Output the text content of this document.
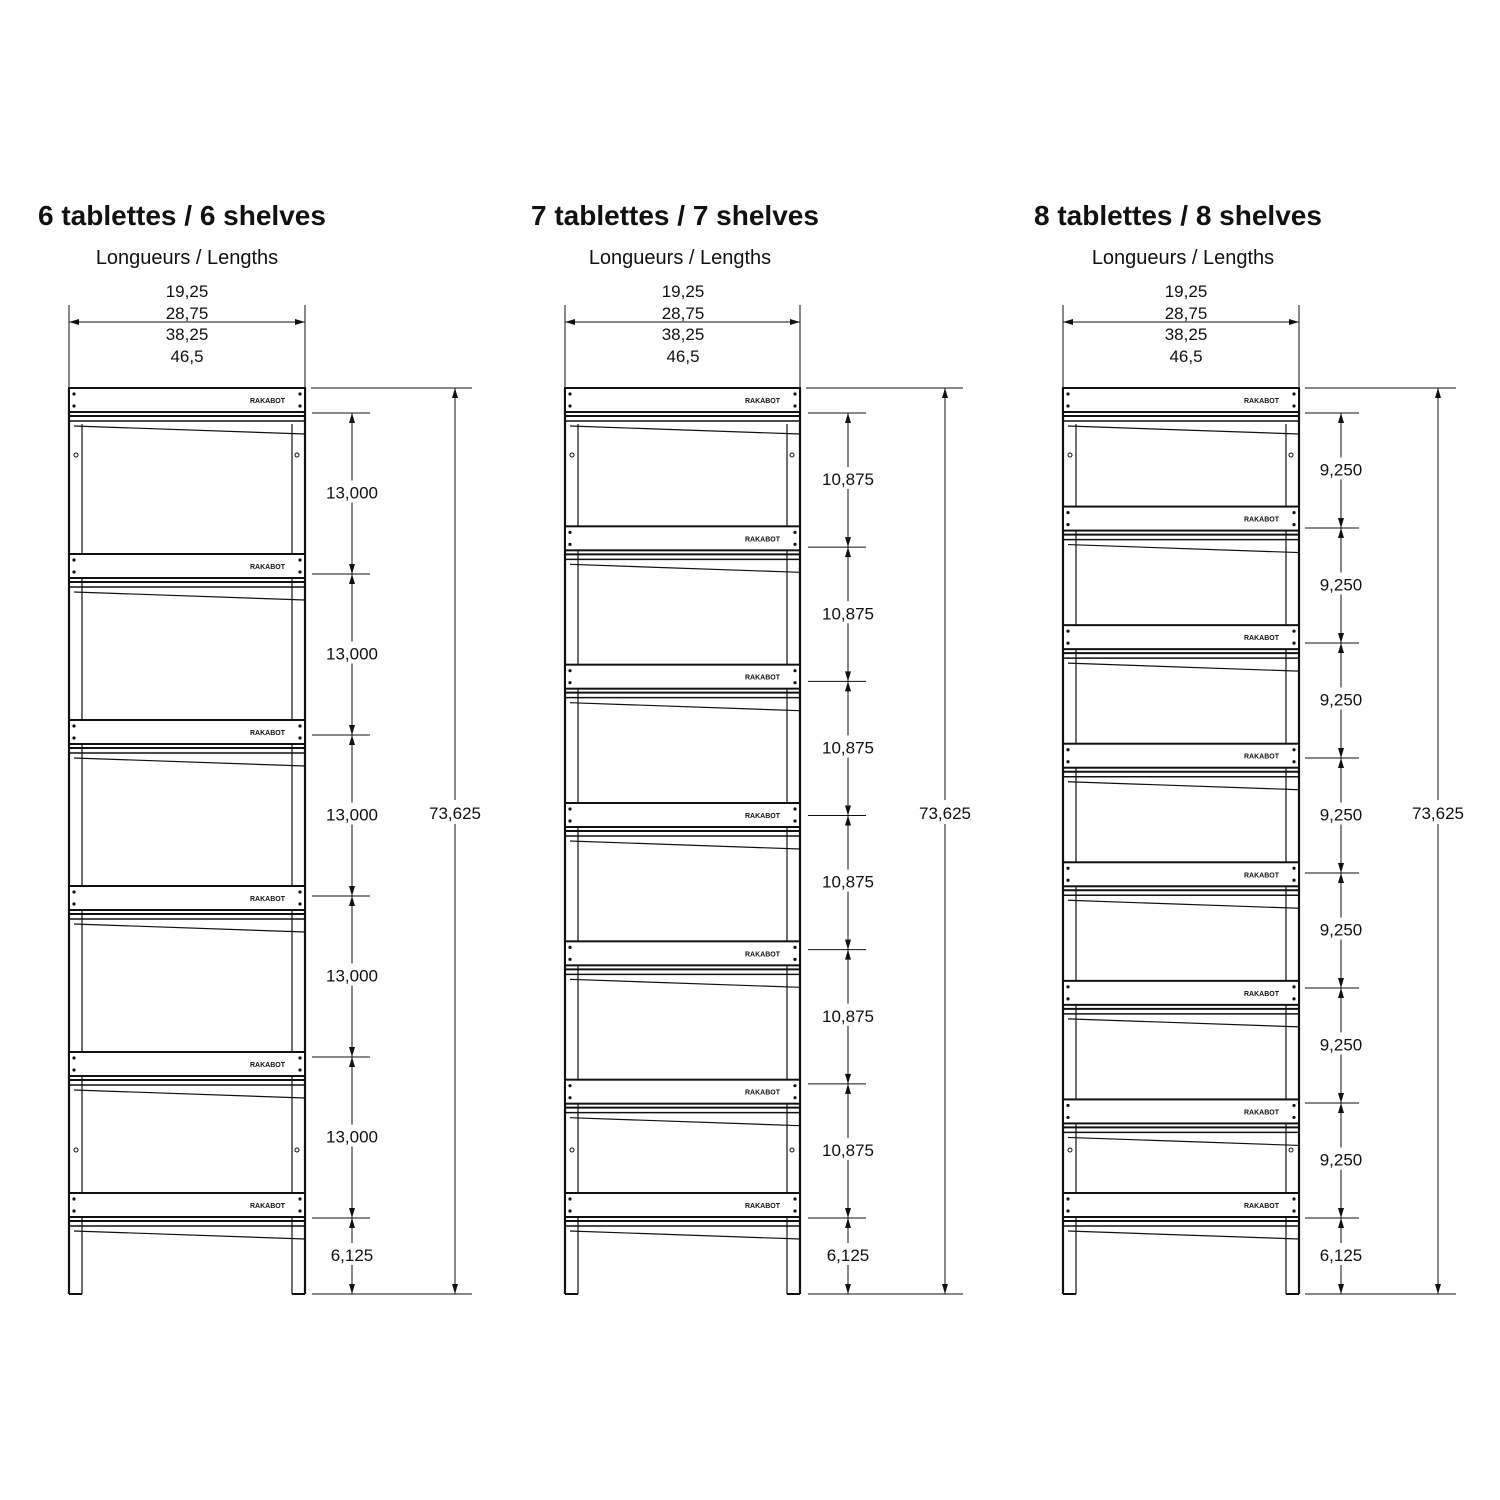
RAKABOT
RAKABOT
RAKABOT
RAKABOT
RAKABOT
RAKABOT
13,000
13,000
13,000
13,000
13,000
6,125
73,625
RAKABOT
RAKABOT
RAKABOT
RAKABOT
RAKABOT
RAKABOT
RAKABOT
10,875
10,875
10,875
10,875
10,875
10,875
6,125
73,625
RAKABOT
RAKABOT
RAKABOT
RAKABOT
RAKABOT
RAKABOT
RAKABOT
RAKABOT
9,250
9,250
9,250
9,250
9,250
9,250
9,250
6,125
73,625
6 tablettes / 6 shelves
Longueurs / Lengths
19,25
28,75
38,25
46,5
7 tablettes / 7 shelves
Longueurs / Lengths
19,25
28,75
38,25
46,5
8 tablettes / 8 shelves
Longueurs / Lengths
19,25
28,75
38,25
46,5
